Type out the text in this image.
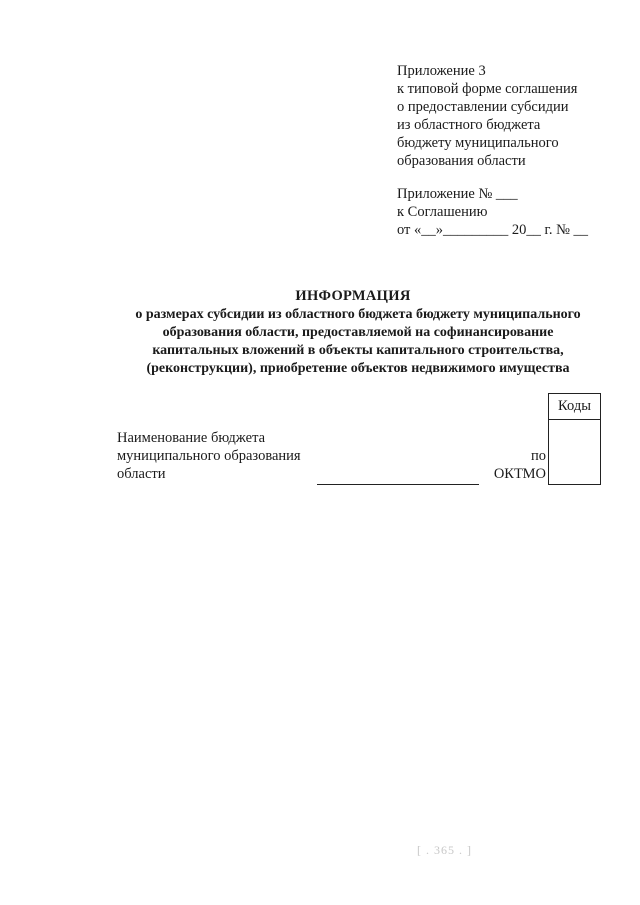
Приложение 3
к типовой форме соглашения
о предоставлении субсидии
из областного бюджета
бюджету муниципального
образования области
Приложение № ___
к Соглашению
от «__»_________ 20__ г. № __
ИНФОРМАЦИЯ
о размерах субсидии из областного бюджета бюджету муниципального
образования области, предоставляемой на софинансирование
капитальных вложений в объекты капитального строительства,
(реконструкции), приобретение объектов недвижимого имущества
Коды
Наименование бюджета
муниципального образования
области
по
ОКТМО
[ . 365 . ]
